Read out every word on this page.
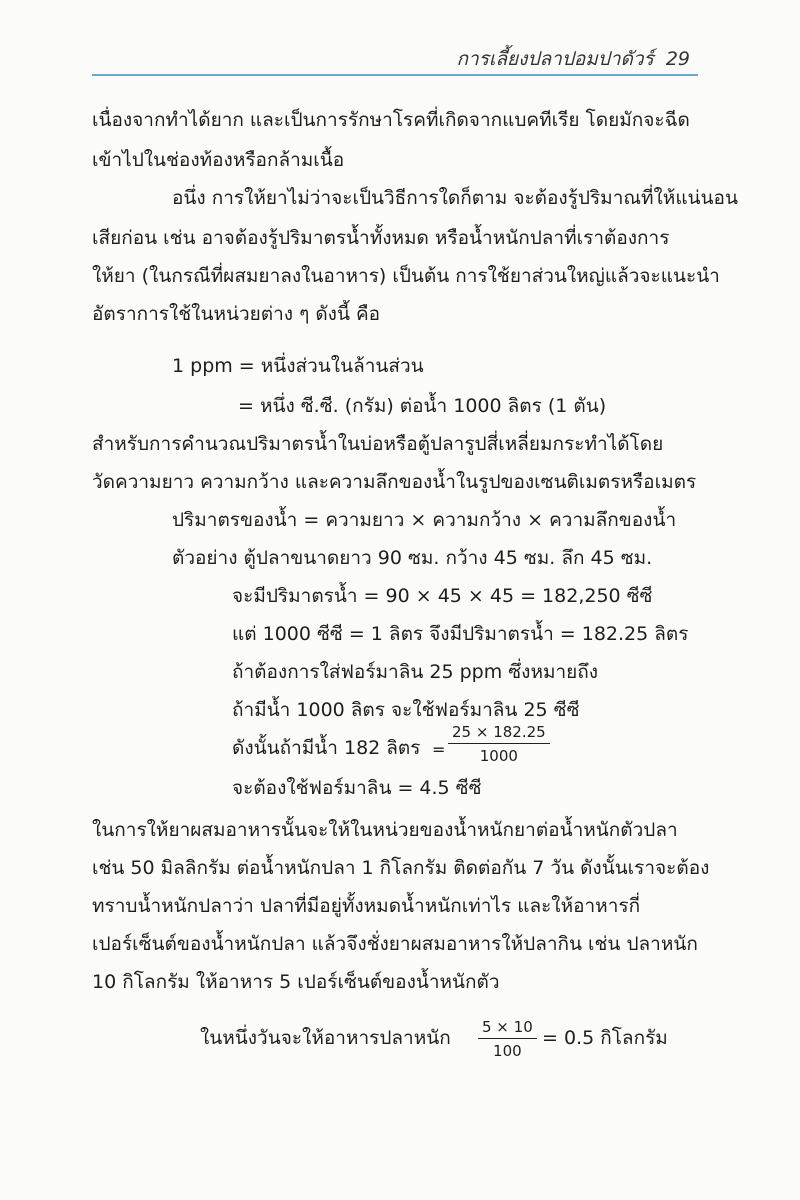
การเลี้ยงปลาปอมปาดัวร์ 29
เนื่องจากทำได้ยาก และเป็นการรักษาโรคที่เกิดจากแบคทีเรีย โดยมักจะฉีด
เข้าไปในช่องท้องหรือกล้ามเนื้อ
อนึ่ง การให้ยาไม่ว่าจะเป็นวิธีการใดก็ตาม จะต้องรู้ปริมาณที่ให้แน่นอน
เสียก่อน เช่น อาจต้องรู้ปริมาตรน้ำทั้งหมด หรือน้ำหนักปลาที่เราต้องการ
ให้ยา (ในกรณีที่ผสมยาลงในอาหาร) เป็นต้น การใช้ยาส่วนใหญ่แล้วจะแนะนำ
อัตราการใช้ในหน่วยต่าง ๆ ดังนี้ คือ
1 ppm = หนึ่งส่วนในล้านส่วน
= หนึ่ง ซี.ซี. (กรัม) ต่อน้ำ 1000 ลิตร (1 ตัน)
สำหรับการคำนวณปริมาตรน้ำในบ่อหรือตู้ปลารูปสี่เหลี่ยมกระทำได้โดย
วัดความยาว ความกว้าง และความลึกของน้ำในรูปของเซนติเมตรหรือเมตร
ปริมาตรของน้ำ = ความยาว × ความกว้าง × ความลึกของน้ำ
ตัวอย่าง ตู้ปลาขนาดยาว 90 ซม. กว้าง 45 ซม. ลึก 45 ซม.
จะมีปริมาตรน้ำ = 90 × 45 × 45 = 182,250 ซีซี
แต่ 1000 ซีซี = 1 ลิตร จึงมีปริมาตรน้ำ = 182.25 ลิตร
ถ้าต้องการใส่ฟอร์มาลิน 25 ppm ซึ่งหมายถึง
ถ้ามีน้ำ 1000 ลิตร จะใช้ฟอร์มาลิน 25 ซีซี
ดังนั้นถ้ามีน้ำ 182 ลิตร = $\frac{25 \times 182.25}{1000}$
จะต้องใช้ฟอร์มาลิน = 4.5 ซีซี
ในการให้ยาผสมอาหารนั้นจะให้ในหน่วยของน้ำหนักยาต่อน้ำหนักตัวปลา
เช่น 50 มิลลิกรัม ต่อน้ำหนักปลา 1 กิโลกรัม ติดต่อกัน 7 วัน ดังนั้นเราจะต้อง
ทราบน้ำหนักปลาว่า ปลาที่มีอยู่ทั้งหมดน้ำหนักเท่าไร และให้อาหารกี่
เปอร์เซ็นต์ของน้ำหนักปลา แล้วจึงชั่งยาผสมอาหารให้ปลากิน เช่น ปลาหนัก
10 กิโลกรัม ให้อาหาร 5 เปอร์เซ็นต์ของน้ำหนักตัว
ในหนึ่งวันจะให้อาหารปลาหนัก $\frac{5 \times 10}{100} = 0.5$ กิโลกรัม
